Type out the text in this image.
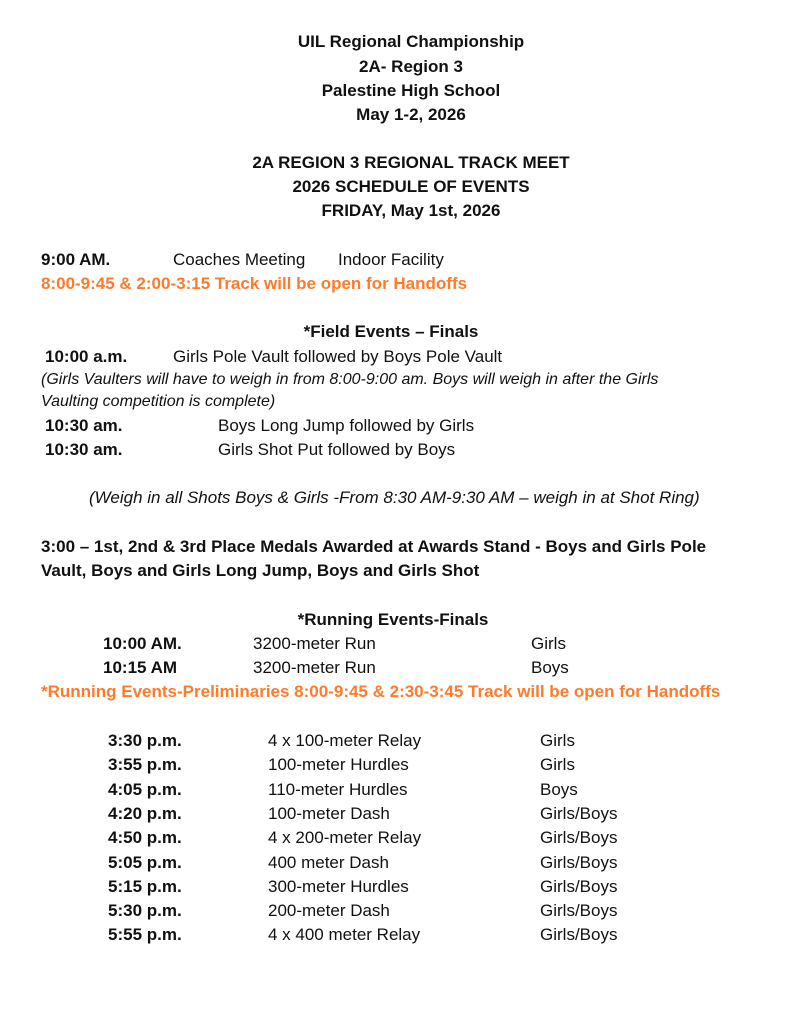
UIL Regional Championship
2A- Region 3
Palestine High School
May 1-2, 2026
2A REGION 3 REGIONAL TRACK MEET
2026 SCHEDULE OF EVENTS
FRIDAY, May 1st, 2026
9:00 AM.	Coaches Meeting Indoor Facility
8:00-9:45 & 2:00-3:15 Track will be open for Handoffs
*Field Events – Finals
10:00 a.m.	Girls Pole Vault followed by Boys Pole Vault
(Girls Vaulters will have to weigh in from 8:00-9:00 am. Boys will weigh in after the Girls
Vaulting competition is complete)
10:30 am.	Boys Long Jump followed by Girls
10:30 am.	Girls Shot Put followed by Boys
(Weigh in all Shots Boys & Girls -From 8:30 AM-9:30 AM – weigh in at Shot Ring)
3:00 – 1st, 2nd & 3rd Place Medals Awarded at Awards Stand - Boys and Girls Pole
Vault, Boys and Girls Long Jump, Boys and Girls Shot
*Running Events-Finals
10:00 AM.	3200-meter Run	Girls
10:15 AM	3200-meter Run	Boys
*Running Events-Preliminaries 8:00-9:45 & 2:30-3:45 Track will be open for Handoffs
3:30 p.m.	4 x 100-meter Relay	Girls
3:55 p.m.	100-meter Hurdles	Girls
4:05 p.m.	110-meter Hurdles	Boys
4:20 p.m.	100-meter Dash	Girls/Boys
4:50 p.m.	4 x 200-meter Relay	Girls/Boys
5:05 p.m.	400 meter Dash	Girls/Boys
5:15 p.m.	300-meter Hurdles	Girls/Boys
5:30 p.m.	200-meter Dash	Girls/Boys
5:55 p.m.	4 x 400 meter Relay	Girls/Boys
